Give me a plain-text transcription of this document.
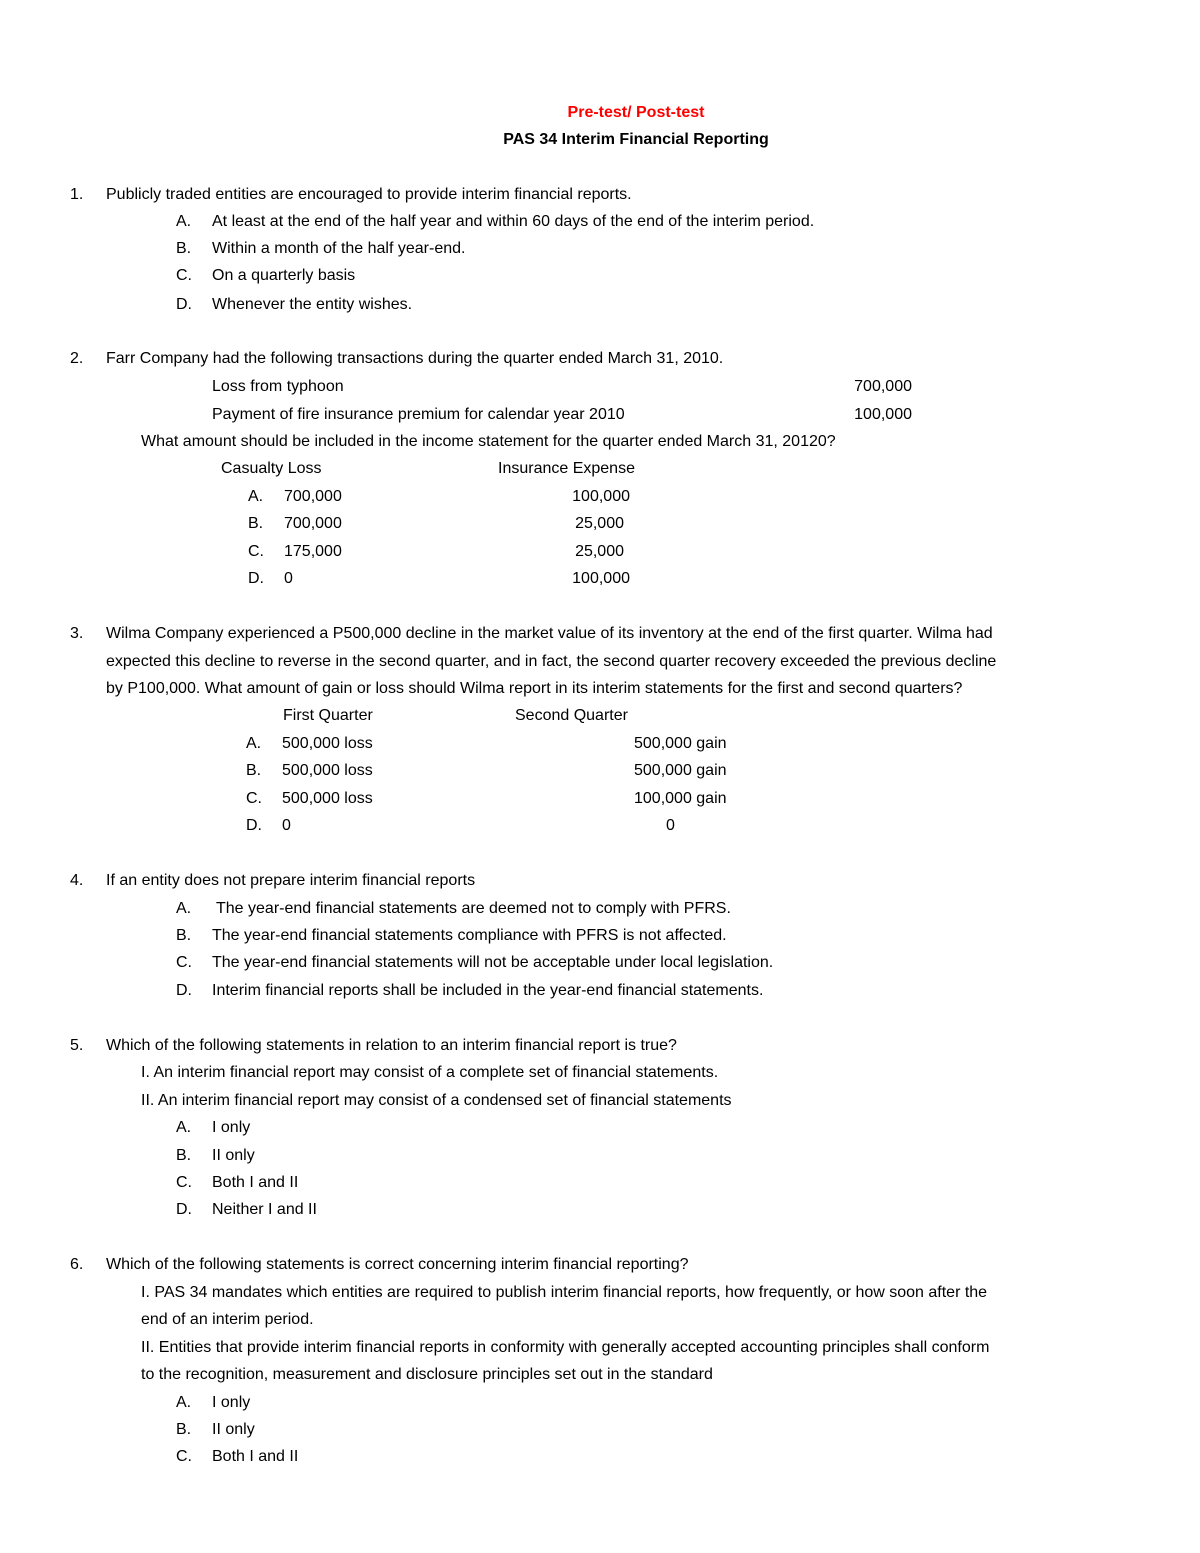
Pre-test/ Post-test
PAS 34 Interim Financial Reporting
1. Publicly traded entities are encouraged to provide interim financial reports.
A. At least at the end of the half year and within 60 days of the end of the interim period.
B. Within a month of the half year-end.
C. On a quarterly basis
D. Whenever the entity wishes.
2. Farr Company had the following transactions during the quarter ended March 31, 2010.
Loss from typhoon	700,000
Payment of fire insurance premium for calendar year 2010	100,000
What amount should be included in the income statement for the quarter ended March 31, 20120?
Casualty Loss	Insurance Expense
A. 700,000	100,000
B. 700,000	25,000
C. 175,000	25,000
D. 0	100,000
3. Wilma Company experienced a P500,000 decline in the market value of its inventory at the end of the first quarter. Wilma had
expected this decline to reverse in the second quarter, and in fact, the second quarter recovery exceeded the previous decline
by P100,000. What amount of gain or loss should Wilma report in its interim statements for the first and second quarters?
First Quarter	Second Quarter
A. 500,000 loss	500,000 gain
B. 500,000 loss	500,000 gain
C. 500,000 loss	100,000 gain
D. 0	0
4. If an entity does not prepare interim financial reports
A. The year-end financial statements are deemed not to comply with PFRS.
B. The year-end financial statements compliance with PFRS is not affected.
C. The year-end financial statements will not be acceptable under local legislation.
D. Interim financial reports shall be included in the year-end financial statements.
5. Which of the following statements in relation to an interim financial report is true?
I. An interim financial report may consist of a complete set of financial statements.
II. An interim financial report may consist of a condensed set of financial statements
A. I only
B. II only
C. Both I and II
D. Neither I and II
6. Which of the following statements is correct concerning interim financial reporting?
I. PAS 34 mandates which entities are required to publish interim financial reports, how frequently, or how soon after the
end of an interim period.
II. Entities that provide interim financial reports in conformity with generally accepted accounting principles shall conform
to the recognition, measurement and disclosure principles set out in the standard
A. I only
B. II only
C. Both I and II
